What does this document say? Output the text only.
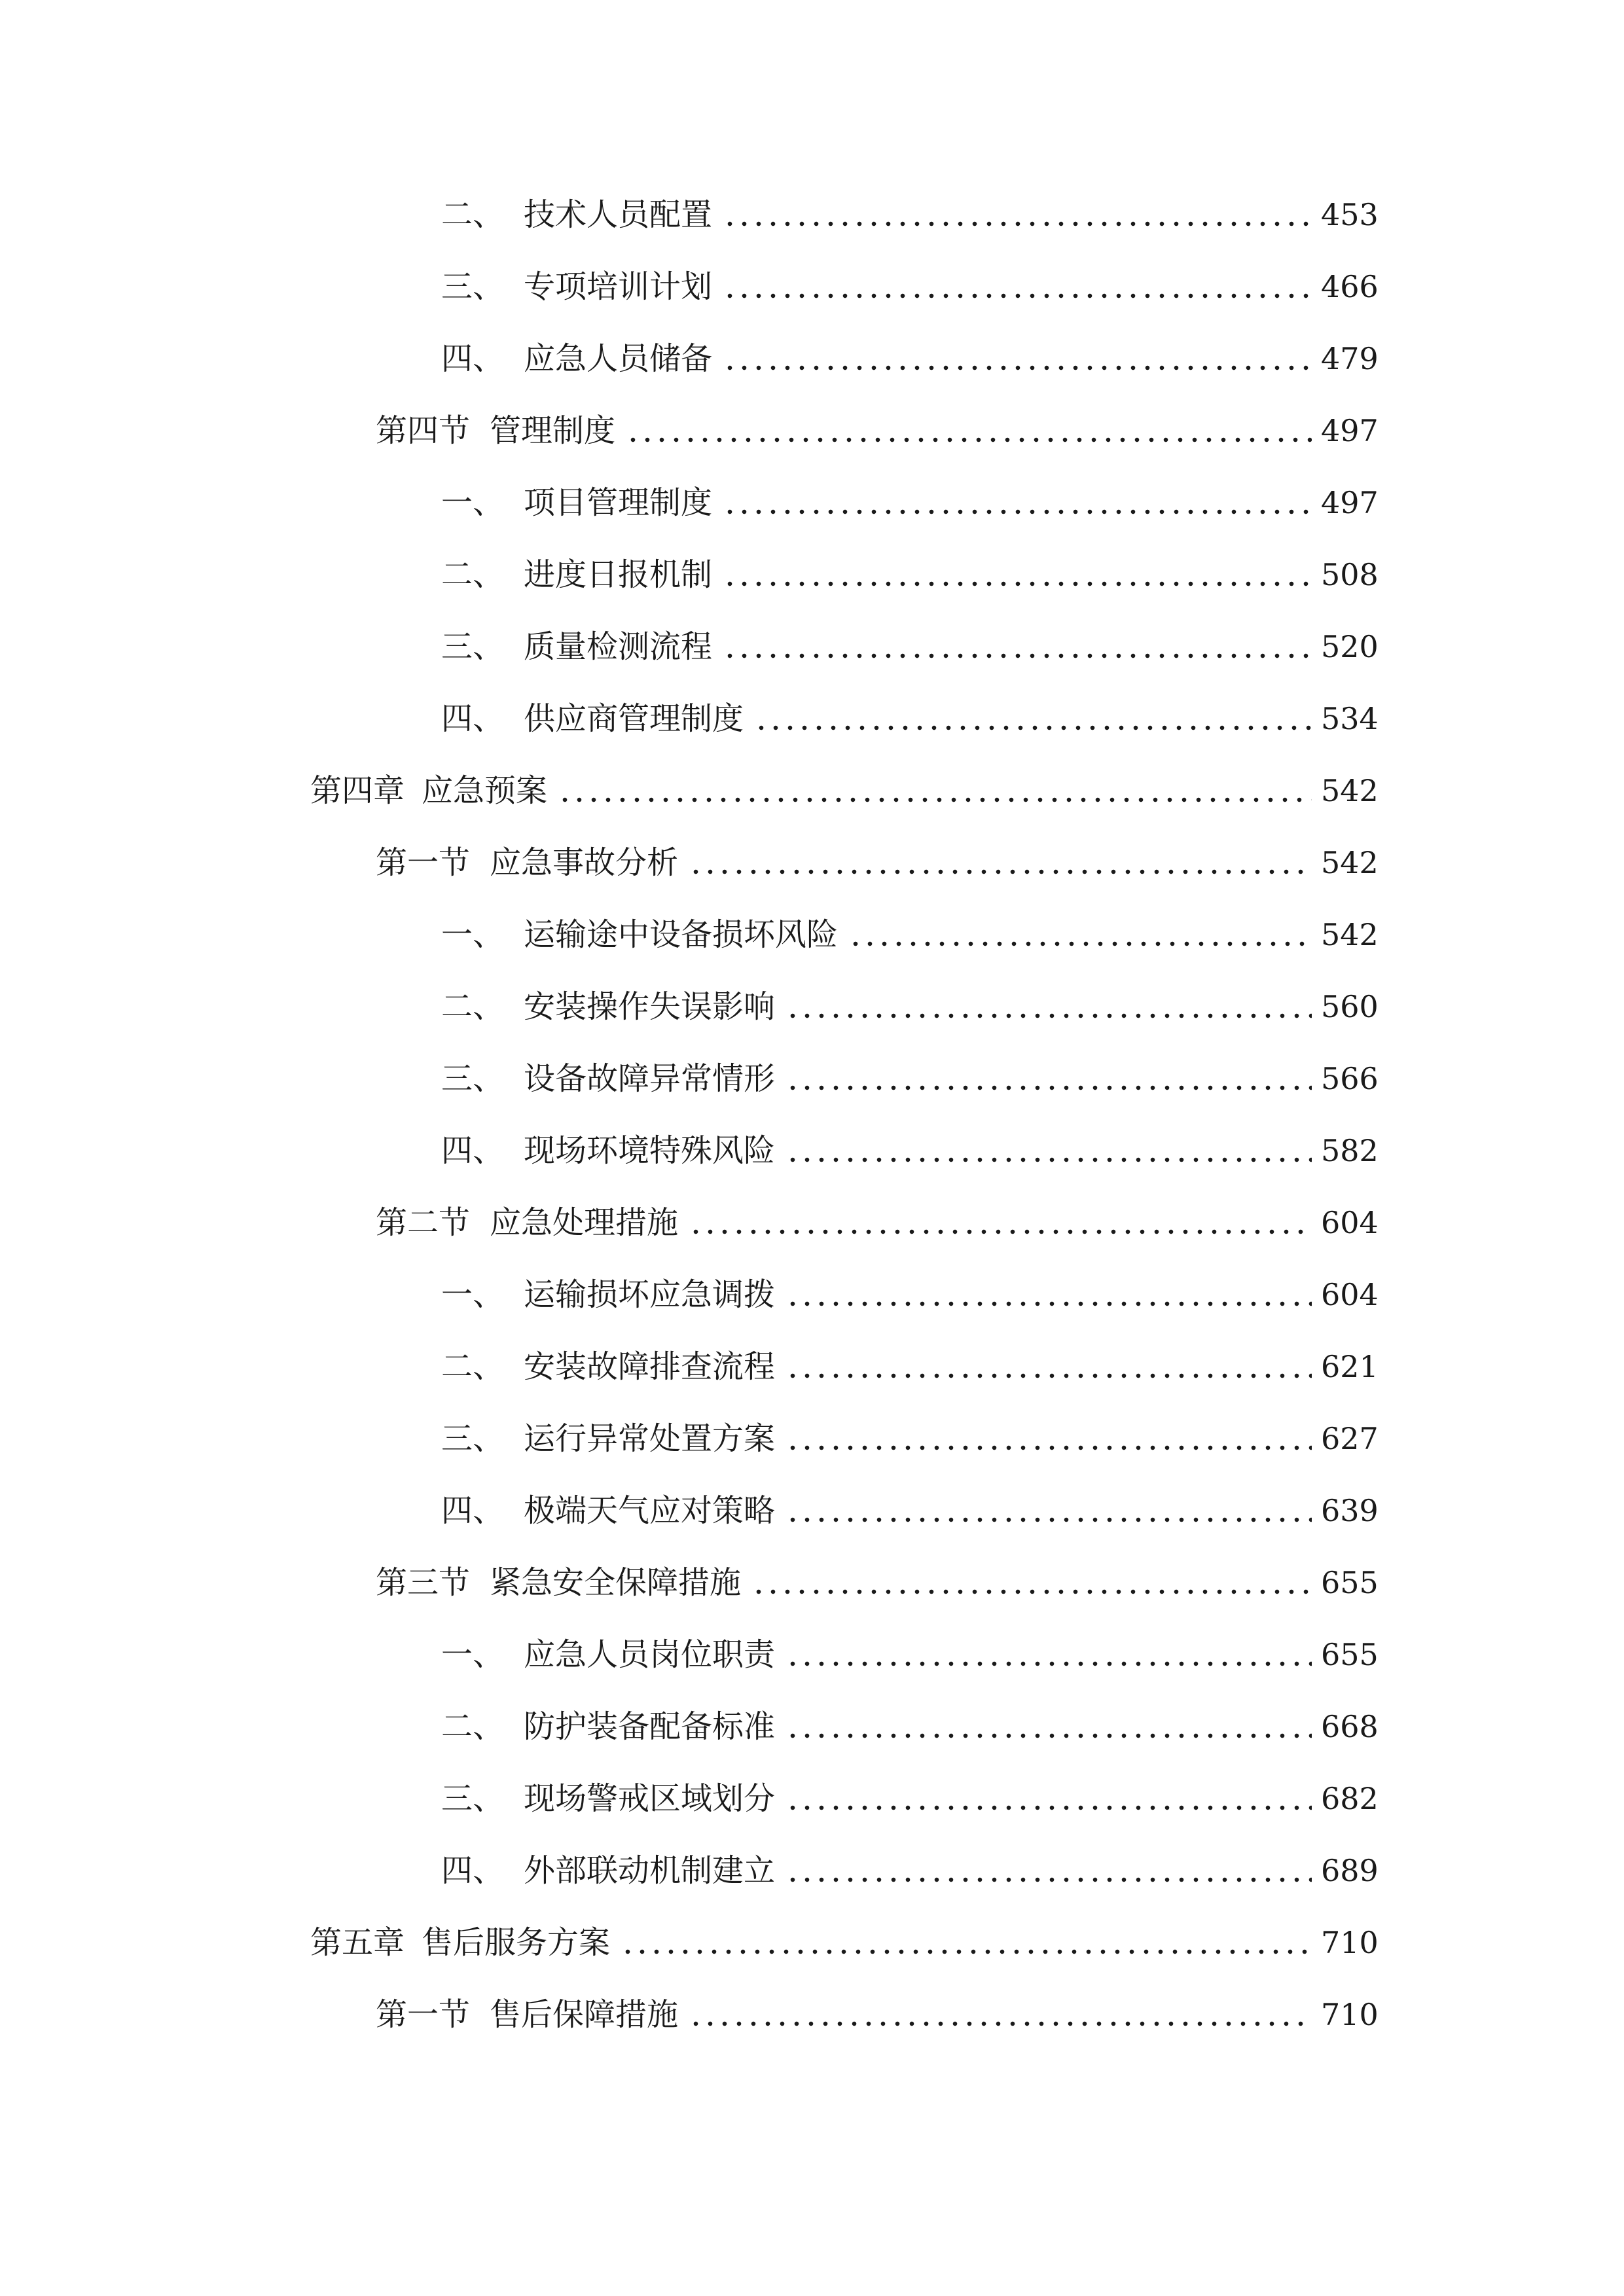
二、 技术人员配置	453
三、 专项培训计划	466
四、 应急人员储备	479
第四节 管理制度	497
一、 项目管理制度	497
二、 进度日报机制	508
三、 质量检测流程	520
四、 供应商管理制度	534
第四章 应急预案	542
第一节 应急事故分析	542
一、 运输途中设备损坏风险	542
二、 安装操作失误影响	560
三、 设备故障异常情形	566
四、 现场环境特殊风险	582
第二节 应急处理措施	604
一、 运输损坏应急调拨	604
二、 安装故障排查流程	621
三、 运行异常处置方案	627
四、 极端天气应对策略	639
第三节 紧急安全保障措施	655
一、 应急人员岗位职责	655
二、 防护装备配备标准	668
三、 现场警戒区域划分	682
四、 外部联动机制建立	689
第五章 售后服务方案	710
第一节 售后保障措施	710
